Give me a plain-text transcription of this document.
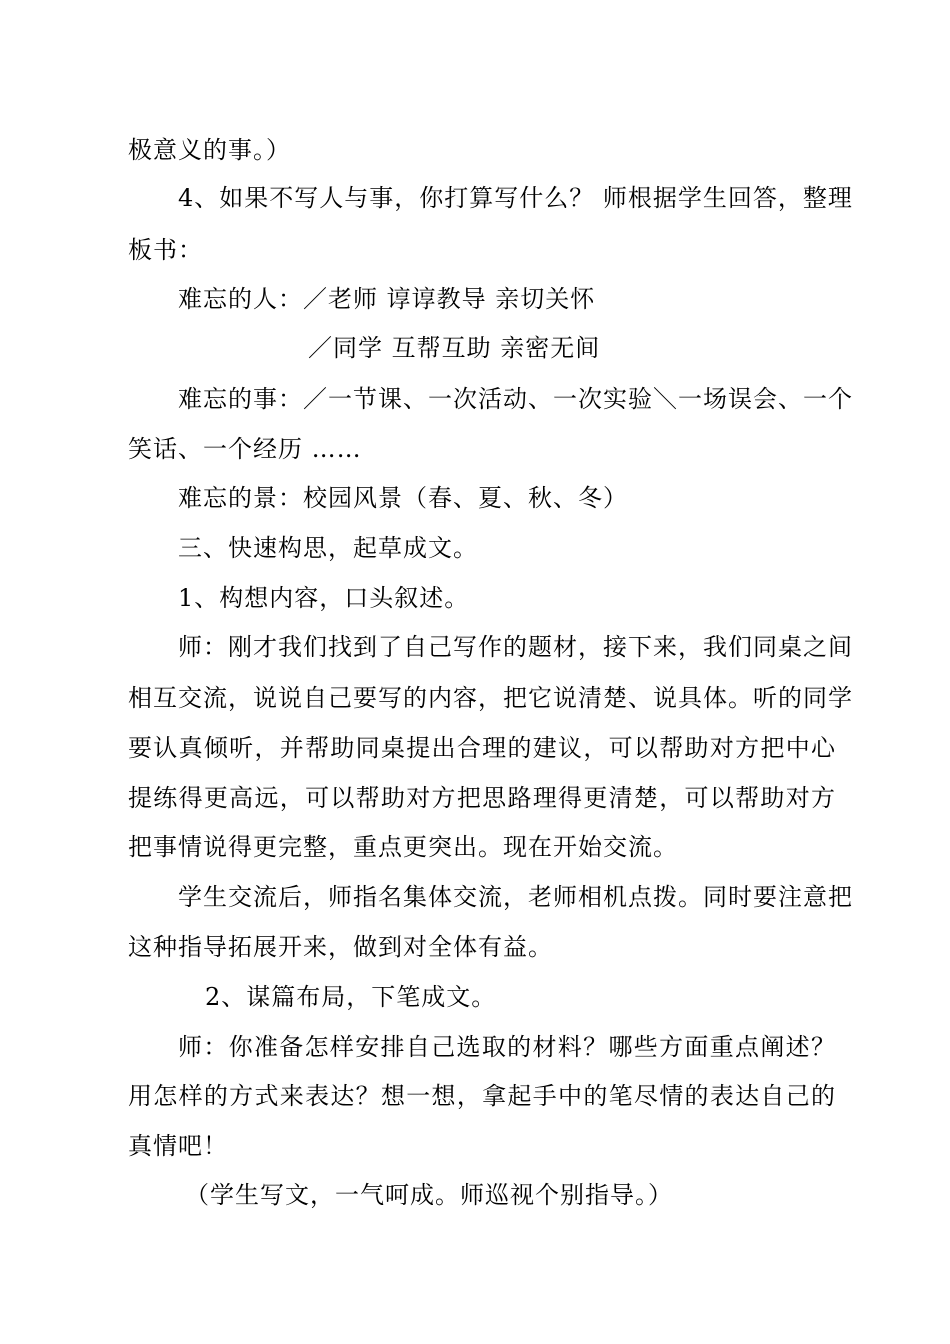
极意义的事。）
4、如果不写人与事，你打算写什么？ 师根据学生回答，整理
板书：
难忘的人：／老师 谆谆教导 亲切关怀
／同学 互帮互助 亲密无间
难忘的事：／一节课、一次活动、一次实验＼一场误会、一个
笑话、一个经历 ……
难忘的景：校园风景（春、夏、秋、冬）
三、快速构思，起草成文。
1、构想内容，口头叙述。
师：刚才我们找到了自己写作的题材，接下来，我们同桌之间
相互交流，说说自己要写的内容，把它说清楚、说具体。听的同学
要认真倾听，并帮助同桌提出合理的建议，可以帮助对方把中心
提练得更高远，可以帮助对方把思路理得更清楚，可以帮助对方
把事情说得更完整，重点更突出。现在开始交流。
学生交流后，师指名集体交流，老师相机点拨。同时要注意把
这种指导拓展开来，做到对全体有益。
2、谋篇布局，下笔成文。
师：你准备怎样安排自己选取的材料？哪些方面重点阐述？
用怎样的方式来表达？想一想，拿起手中的笔尽情的表达自己的
真情吧！
（学生写文，一气呵成。师巡视个别指导。）
